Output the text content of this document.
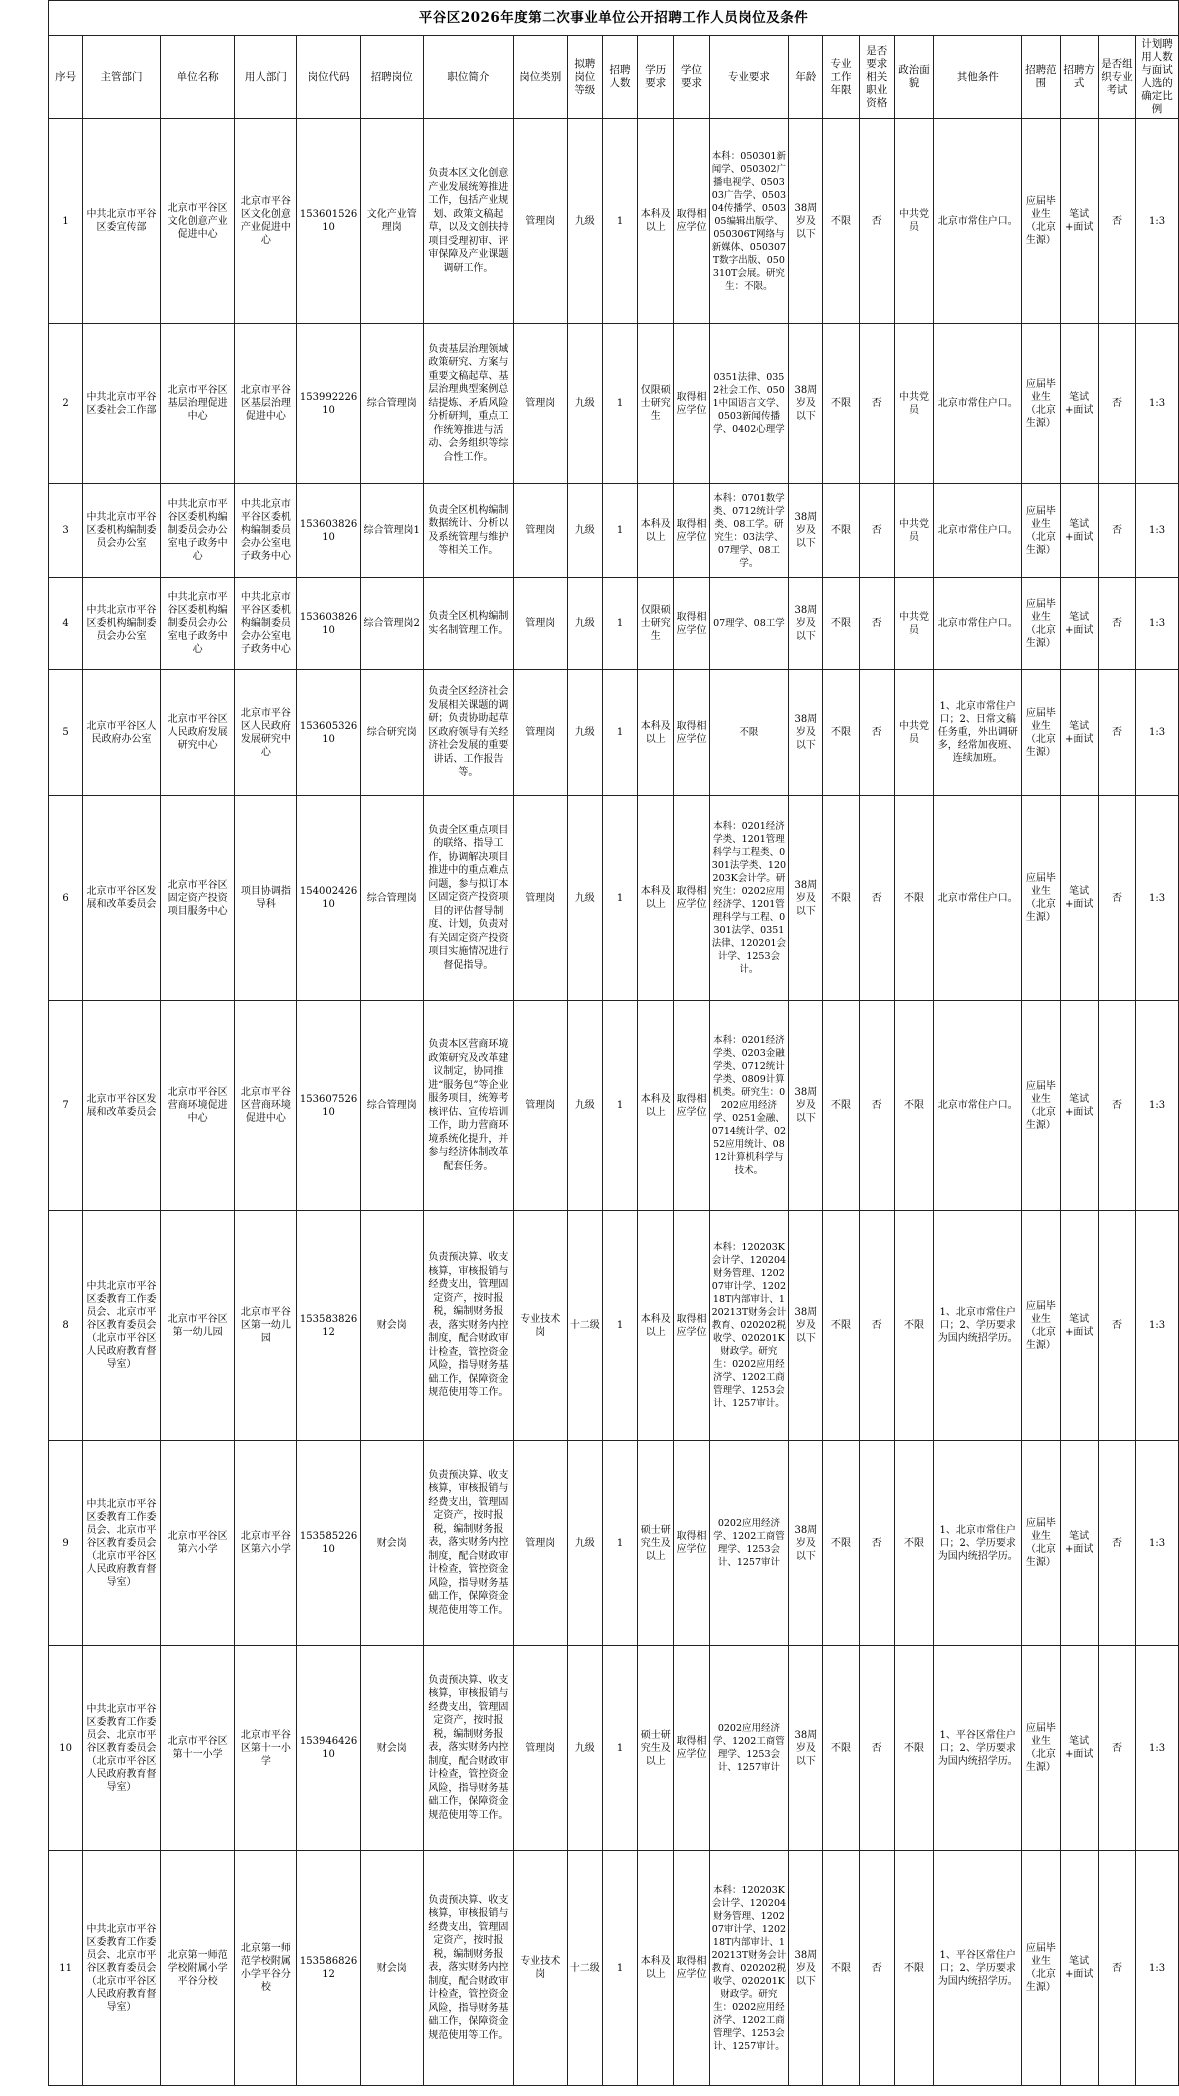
平谷区2026年度第二次事业单位公开招聘工作人员岗位及条件																					
序号	主管部门	单位名称	用人部门	岗位代码	招聘岗位	职位简介	岗位类别	拟聘岗位等级	招聘人数	学历要求	学位要求	专业要求	年龄	专业工作年限	是否要求相关职业资格	政治面貌	其他条件	招聘范围	招聘方式	是否组织专业考试	计划聘用人数与面试人选的确定比例
1	中共北京市平谷区委宣传部	北京市平谷区文化创意产业促进中心	北京市平谷区文化创意产业促进中心	15360152610	文化产业管理岗	负责本区文化创意产业发展统筹推进工作，包括产业规划、政策文稿起草，以及文创扶持项目受理初审、评审保障及产业课题调研工作。	管理岗	九级	1	本科及以上	取得相应学位	本科：050301新闻学、050302广播电视学、050303广告学、050304传播学、050305编辑出版学、050306T网络与新媒体、050307T数字出版、050310T会展。研究生：不限。	38周岁及以下	不限	否	中共党员	北京市常住户口。	应届毕业生（北京生源）	笔试+面试	否	1:3
2	中共北京市平谷区委社会工作部	北京市平谷区基层治理促进中心	北京市平谷区基层治理促进中心	15399222610	综合管理岗	负责基层治理领域政策研究、方案与重要文稿起草、基层治理典型案例总结提炼、矛盾风险分析研判，重点工作统筹推进与活动、会务组织等综合性工作。	管理岗	九级	1	仅限硕士研究生	取得相应学位	0351法律、0352社会工作、0501中国语言文学、0503新闻传播学、0402心理学	38周岁及以下	不限	否	中共党员	北京市常住户口。	应届毕业生（北京生源）	笔试+面试	否	1:3
3	中共北京市平谷区委机构编制委员会办公室	中共北京市平谷区委机构编制委员会办公室电子政务中心	中共北京市平谷区委机构编制委员会办公室电子政务中心	15360382610	综合管理岗1	负责全区机构编制数据统计、分析以及系统管理与维护等相关工作。	管理岗	九级	1	本科及以上	取得相应学位	本科：0701数学类、0712统计学类、08工学。研究生：03法学、07理学、08工学。	38周岁及以下	不限	否	中共党员	北京市常住户口。	应届毕业生（北京生源）	笔试+面试	否	1:3
4	中共北京市平谷区委机构编制委员会办公室	中共北京市平谷区委机构编制委员会办公室电子政务中心	中共北京市平谷区委机构编制委员会办公室电子政务中心	15360382610	综合管理岗2	负责全区机构编制实名制管理工作。	管理岗	九级	1	仅限硕士研究生	取得相应学位	07理学、08工学	38周岁及以下	不限	否	中共党员	北京市常住户口。	应届毕业生（北京生源）	笔试+面试	否	1:3
5	北京市平谷区人民政府办公室	北京市平谷区人民政府发展研究中心	北京市平谷区人民政府发展研究中心	15360532610	综合研究岗	负责全区经济社会发展相关课题的调研；负责协助起草区政府领导有关经济社会发展的重要讲话、工作报告等。	管理岗	九级	1	本科及以上	取得相应学位	不限	38周岁及以下	不限	否	中共党员	1、北京市常住户口；2、日常文稿任务重，外出调研多，经常加夜班、连续加班。	应届毕业生（北京生源）	笔试+面试	否	1:3
6	北京市平谷区发展和改革委员会	北京市平谷区固定资产投资项目服务中心	项目协调指导科	15400242610	综合管理岗	负责全区重点项目的联络、指导工作，协调解决项目推进中的重点难点问题，参与拟订本区固定资产投资项目的评估督导制度、计划，负责对有关固定资产投资项目实施情况进行督促指导。	管理岗	九级	1	本科及以上	取得相应学位	本科：0201经济学类、1201管理科学与工程类、0301法学类、120203K会计学。研究生：0202应用经济学、1201管理科学与工程、0301法学、0351法律、120201会计学、1253会计。	38周岁及以下	不限	否	不限	北京市常住户口。	应届毕业生（北京生源）	笔试+面试	否	1:3
7	北京市平谷区发展和改革委员会	北京市平谷区营商环境促进中心	北京市平谷区营商环境促进中心	15360752610	综合管理岗	负责本区营商环境政策研究及改革建议制定，协同推进“服务包”等企业服务项目，统筹考核评估、宣传培训工作，助力营商环境系统化提升，并参与经济体制改革配套任务。	管理岗	九级	1	本科及以上	取得相应学位	本科：0201经济学类、0203金融学类、0712统计学类、0809计算机类。研究生：0202应用经济学、0251金融、0714统计学、0252应用统计、0812计算机科学与技术。	38周岁及以下	不限	否	不限	北京市常住户口。	应届毕业生（北京生源）	笔试+面试	否	1:3
8	中共北京市平谷区委教育工作委员会、北京市平谷区教育委员会（北京市平谷区人民政府教育督导室）	北京市平谷区第一幼儿园	北京市平谷区第一幼儿园	15358382612	财会岗	负责预决算、收支核算，审核报销与经费支出，管理固定资产，按时报税，编制财务报表，落实财务内控制度，配合财政审计检查，管控资金风险，指导财务基础工作，保障资金规范使用等工作。	专业技术岗	十二级	1	本科及以上	取得相应学位	本科：120203K会计学、120204财务管理、120207审计学、120218T内部审计、120213T财务会计教育、020202税收学、020201K财政学。研究生：0202应用经济学、1202工商管理学、1253会计、1257审计。	38周岁及以下	不限	否	不限	1、北京市常住户口；2、学历要求为国内统招学历。	应届毕业生（北京生源）	笔试+面试	否	1:3
9	中共北京市平谷区委教育工作委员会、北京市平谷区教育委员会（北京市平谷区人民政府教育督导室）	北京市平谷区第六小学	北京市平谷区第六小学	15358522610	财会岗	负责预决算、收支核算，审核报销与经费支出，管理固定资产，按时报税，编制财务报表，落实财务内控制度，配合财政审计检查，管控资金风险，指导财务基础工作，保障资金规范使用等工作。	管理岗	九级	1	硕士研究生及以上	取得相应学位	0202应用经济学、1202工商管理学、1253会计、1257审计	38周岁及以下	不限	否	不限	1、北京市常住户口；2、学历要求为国内统招学历。	应届毕业生（北京生源）	笔试+面试	否	1:3
10	中共北京市平谷区委教育工作委员会、北京市平谷区教育委员会（北京市平谷区人民政府教育督导室）	北京市平谷区第十一小学	北京市平谷区第十一小学	15394642610	财会岗	负责预决算、收支核算，审核报销与经费支出，管理固定资产，按时报税，编制财务报表，落实财务内控制度，配合财政审计检查，管控资金风险，指导财务基础工作，保障资金规范使用等工作。	管理岗	九级	1	硕士研究生及以上	取得相应学位	0202应用经济学、1202工商管理学、1253会计、1257审计	38周岁及以下	不限	否	不限	1、平谷区常住户口；2、学历要求为国内统招学历。	应届毕业生（北京生源）	笔试+面试	否	1:3
11	中共北京市平谷区委教育工作委员会、北京市平谷区教育委员会（北京市平谷区人民政府教育督导室）	北京第一师范学校附属小学平谷分校	北京第一师范学校附属小学平谷分校	15358682612	财会岗	负责预决算、收支核算，审核报销与经费支出，管理固定资产，按时报税，编制财务报表，落实财务内控制度，配合财政审计检查，管控资金风险，指导财务基础工作，保障资金规范使用等工作。	专业技术岗	十二级	1	本科及以上	取得相应学位	本科：120203K会计学、120204财务管理、120207审计学、120218T内部审计、120213T财务会计教育、020202税收学、020201K财政学。研究生：0202应用经济学、1202工商管理学、1253会计、1257审计。	38周岁及以下	不限	否	不限	1、平谷区常住户口；2、学历要求为国内统招学历。	应届毕业生（北京生源）	笔试+面试	否	1:3
